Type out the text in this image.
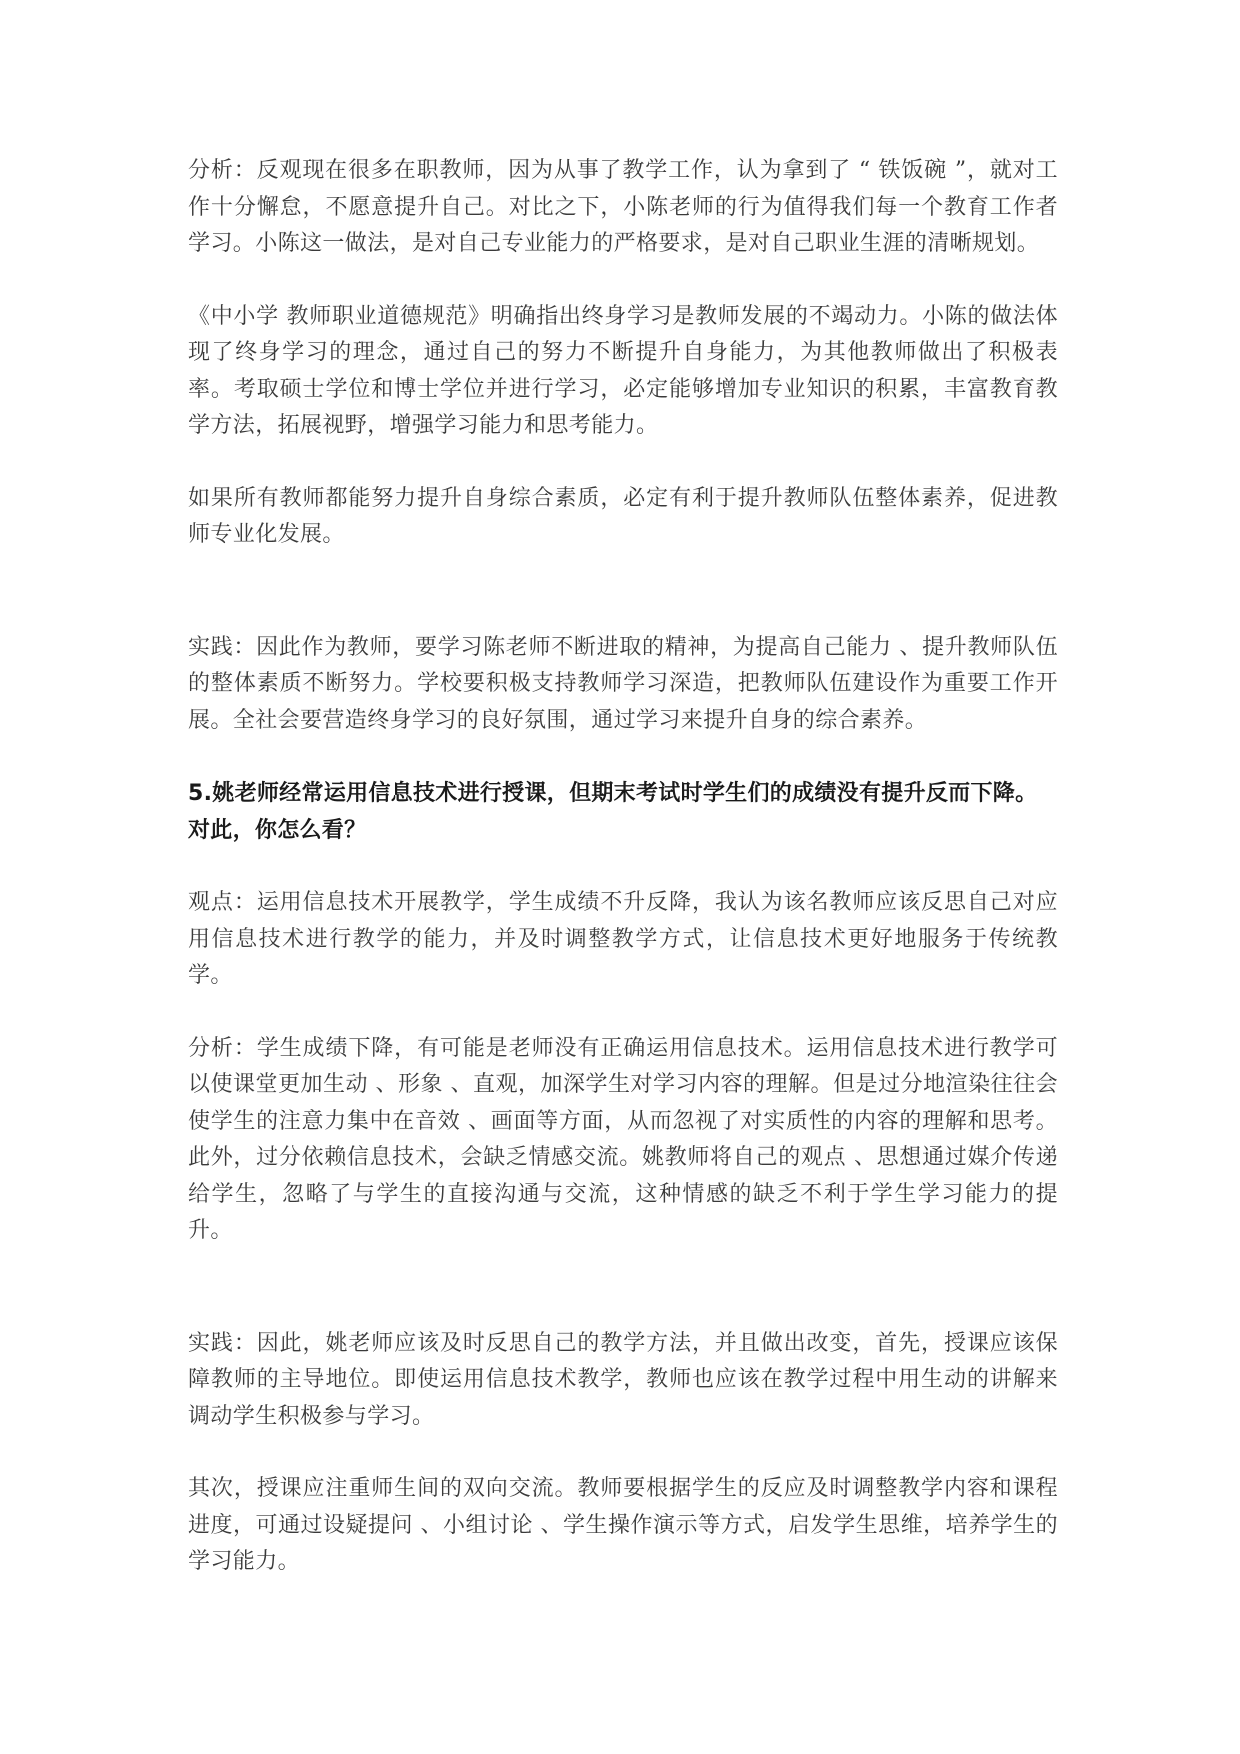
分析：反观现在很多在职教师，因为从事了教学工作，认为拿到了 “ 铁饭碗 ”，就对工作十分懈怠，不愿意提升自己。对比之下，小陈老师的行为值得我们每一个教育工作者学习。小陈这一做法，是对自己专业能力的严格要求，是对自己职业生涯的清晰规划。

《中小学 教师职业道德规范》明确指出终身学习是教师发展的不竭动力。小陈的做法体现了终身学习的理念，通过自己的努力不断提升自身能力，为其他教师做出了积极表率。考取硕士学位和博士学位并进行学习，必定能够增加专业知识的积累，丰富教育教学方法，拓展视野，增强学习能力和思考能力。

如果所有教师都能努力提升自身综合素质，必定有利于提升教师队伍整体素养，促进教师专业化发展。

实践：因此作为教师，要学习陈老师不断进取的精神，为提高自己能力 、提升教师队伍的整体素质不断努力。学校要积极支持教师学习深造，把教师队伍建设作为重要工作开展。全社会要营造终身学习的良好氛围，通过学习来提升自身的综合素养。

5.姚老师经常运用信息技术进行授课，但期末考试时学生们的成绩没有提升反而下降。对此，你怎么看？

观点：运用信息技术开展教学，学生成绩不升反降，我认为该名教师应该反思自己对应用信息技术进行教学的能力，并及时调整教学方式，让信息技术更好地服务于传统教学。

分析：学生成绩下降，有可能是老师没有正确运用信息技术。运用信息技术进行教学可以使课堂更加生动 、形象 、直观，加深学生对学习内容的理解。但是过分地渲染往往会使学生的注意力集中在音效 、画面等方面，从而忽视了对实质性的内容的理解和思考。此外，过分依赖信息技术，会缺乏情感交流。姚教师将自己的观点 、思想通过媒介传递给学生，忽略了与学生的直接沟通与交流，这种情感的缺乏不利于学生学习能力的提升。

实践：因此，姚老师应该及时反思自己的教学方法，并且做出改变，首先，授课应该保障教师的主导地位。即使运用信息技术教学，教师也应该在教学过程中用生动的讲解来调动学生积极参与学习。

其次，授课应注重师生间的双向交流。教师要根据学生的反应及时调整教学内容和课程进度，可通过设疑提问 、小组讨论 、学生操作演示等方式，启发学生思维，培养学生的学习能力。
